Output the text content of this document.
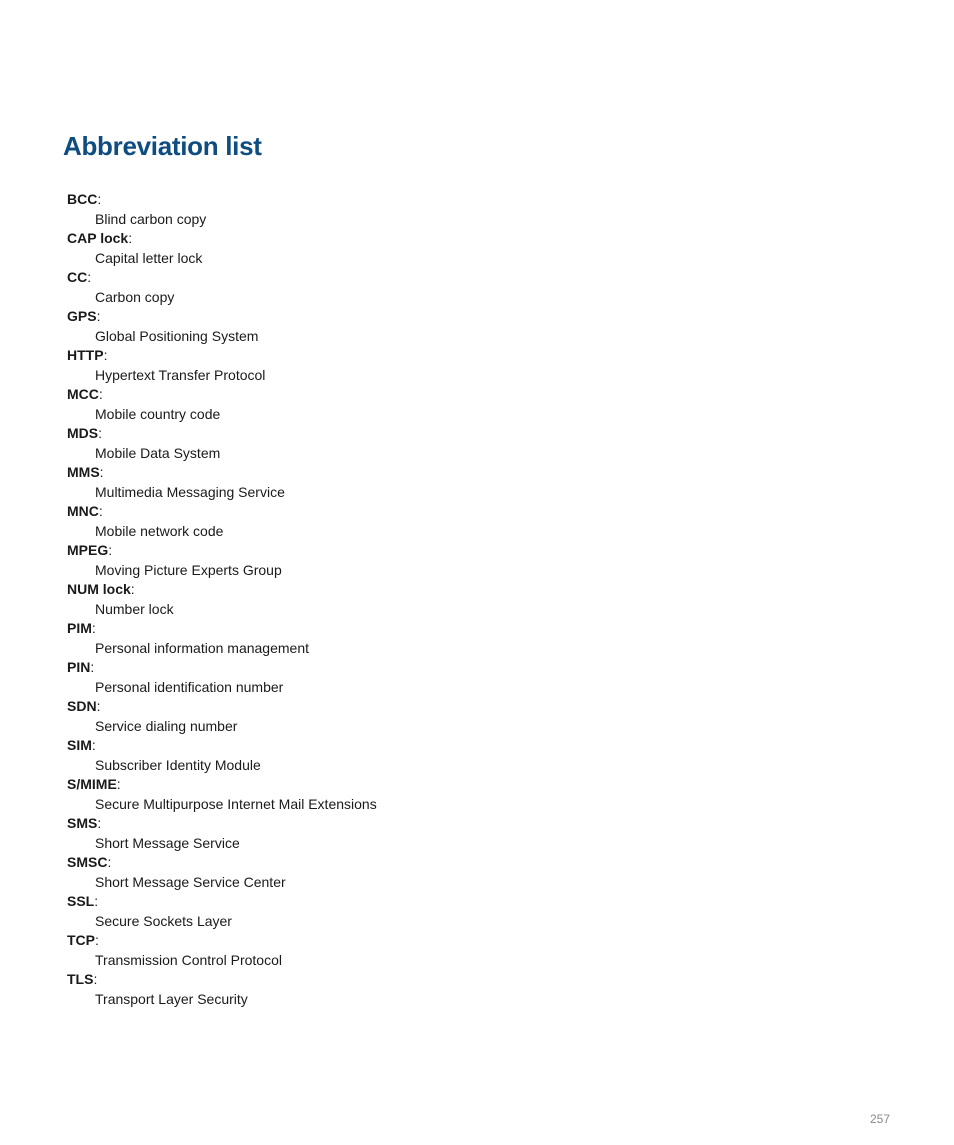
Abbreviation list
BCC:
Blind carbon copy
CAP lock:
Capital letter lock
CC:
Carbon copy
GPS:
Global Positioning System
HTTP:
Hypertext Transfer Protocol
MCC:
Mobile country code
MDS:
Mobile Data System
MMS:
Multimedia Messaging Service
MNC:
Mobile network code
MPEG:
Moving Picture Experts Group
NUM lock:
Number lock
PIM:
Personal information management
PIN:
Personal identification number
SDN:
Service dialing number
SIM:
Subscriber Identity Module
S/MIME:
Secure Multipurpose Internet Mail Extensions
SMS:
Short Message Service
SMSC:
Short Message Service Center
SSL:
Secure Sockets Layer
TCP:
Transmission Control Protocol
TLS:
Transport Layer Security
257
